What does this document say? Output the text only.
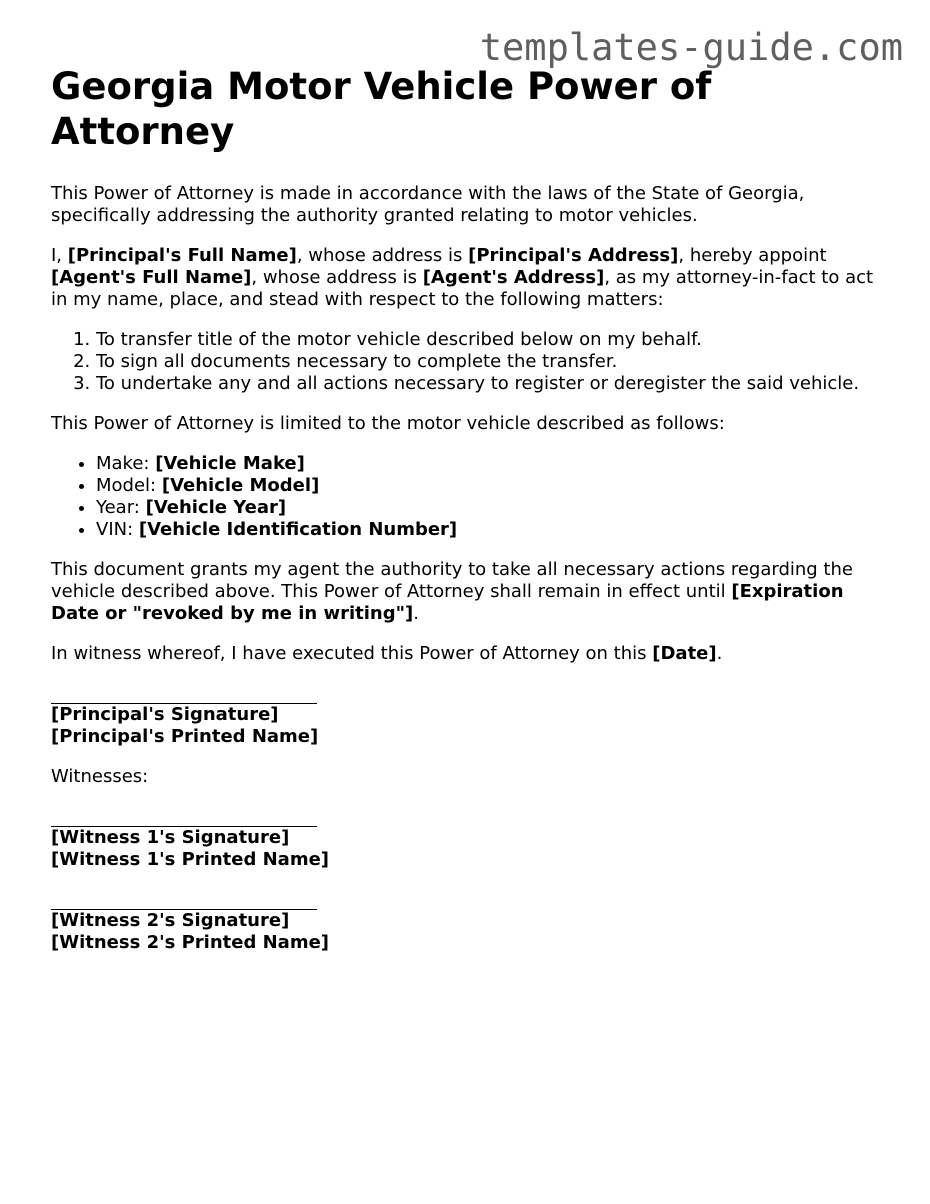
templates-guide.com
Georgia Motor Vehicle Power of Attorney

This Power of Attorney is made in accordance with the laws of the State of Georgia, specifically addressing the authority granted relating to motor vehicles.

I, [Principal's Full Name], whose address is [Principal's Address], hereby appoint [Agent's Full Name], whose address is [Agent's Address], as my attorney-in-fact to act in my name, place, and stead with respect to the following matters:

1. To transfer title of the motor vehicle described below on my behalf.
2. To sign all documents necessary to complete the transfer.
3. To undertake any and all actions necessary to register or deregister the said vehicle.

This Power of Attorney is limited to the motor vehicle described as follows:

• Make: [Vehicle Make]
• Model: [Vehicle Model]
• Year: [Vehicle Year]
• VIN: [Vehicle Identification Number]

This document grants my agent the authority to take all necessary actions regarding the vehicle described above. This Power of Attorney shall remain in effect until [Expiration Date or "revoked by me in writing"].

In witness whereof, I have executed this Power of Attorney on this [Date].

[Principal's Signature]
[Principal's Printed Name]
Witnesses:
[Witness 1's Signature]
[Witness 1's Printed Name]
[Witness 2's Signature]
[Witness 2's Printed Name]
